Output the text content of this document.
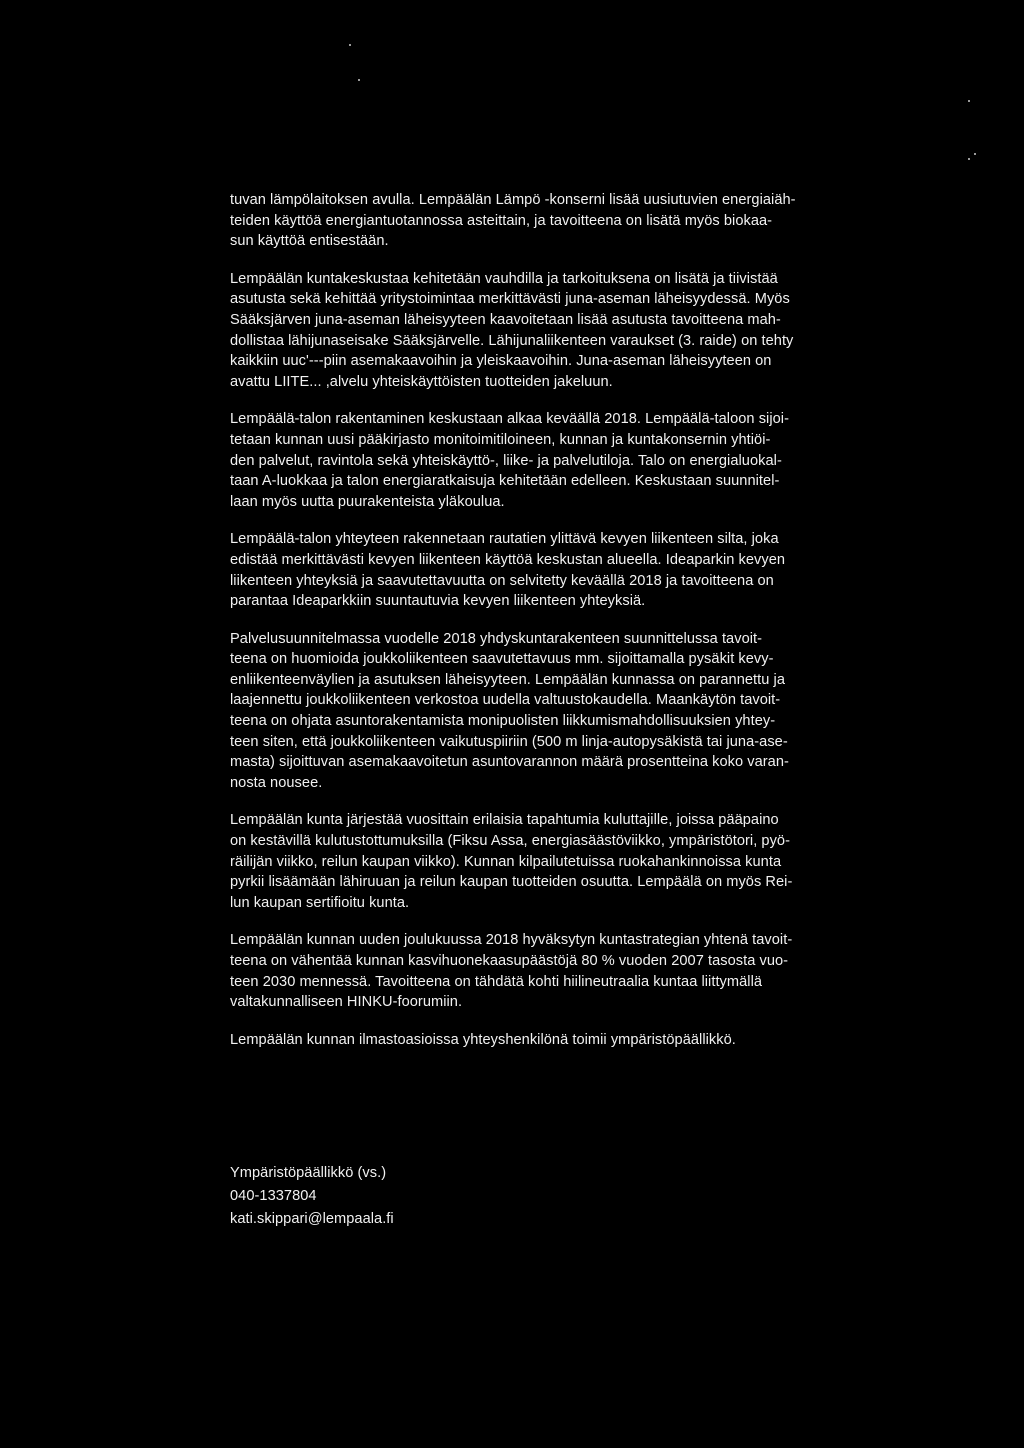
tuvan lämpölaitoksen avulla. Lempäälän Lämpö -konserni lisää uusiutuvien energiaiäh-
teiden käyttöä energiantuotannossa asteittain, ja tavoitteena on lisätä myös biokaa-
sun käyttöä entisestään.
Lempäälän kuntakeskustaa kehitetään vauhdilla ja tarkoituksena on lisätä ja tiivistää
asutusta sekä kehittää yritystoimintaa merkittävästi juna-aseman läheisyydessä. Myös
Sääksjärven juna-aseman läheisyyteen kaavoitetaan lisää asutusta tavoitteena mah-
dollistaa lähijunaseisake Sääksjärvelle. Lähijunaliikenteen varaukset (3. raide) on tehty
kaikkiin uuc'---piin asemakaavoihin ja yleiskaavoihin. Juna-aseman läheisyyteen on
avattu LIITE... ,alvelu yhteiskäyttöisten tuotteiden jakeluun.
Lempäälä-talon rakentaminen keskustaan alkaa keväällä 2018. Lempäälä-taloon sijoi-
tetaan kunnan uusi pääkirjasto monitoimitiloineen, kunnan ja kuntakonsernin yhtiöi-
den palvelut, ravintola sekä yhteiskäyttö-, liike- ja palvelutiloja. Talo on energialuokal-
taan A-luokkaa ja talon energiaratkaisuja kehitetään edelleen. Keskustaan suunnitel-
laan myös uutta puurakenteista yläkoulua.
Lempäälä-talon yhteyteen rakennetaan rautatien ylittävä kevyen liikenteen silta, joka
edistää merkittävästi kevyen liikenteen käyttöä keskustan alueella. Ideaparkin kevyen
liikenteen yhteyksiä ja saavutettavuutta on selvitetty keväällä 2018 ja tavoitteena on
parantaa Ideaparkkiin suuntautuvia kevyen liikenteen yhteyksiä.
Palvelusuunnitelmassa vuodelle 2018 yhdyskuntarakenteen suunnittelussa tavoit-
teena on huomioida joukkoliikenteen saavutettavuus mm. sijoittamalla pysäkit kevy-
enliikenteenväylien ja asutuksen läheisyyteen. Lempäälän kunnassa on parannettu ja
laajennettu joukkoliikenteen verkostoa uudella valtuustokaudella. Maankäytön tavoit-
teena on ohjata asuntorakentamista monipuolisten liikkumismahdollisuuksien yhtey-
teen siten, että joukkoliikenteen vaikutuspiiriin (500 m linja-autopysäkistä tai juna-ase-
masta) sijoittuvan asemakaavoitetun asuntovarannon määrä prosentteina koko varan-
nosta nousee.
Lempäälän kunta järjestää vuosittain erilaisia tapahtumia kuluttajille, joissa pääpaino
on kestävillä kulutustottumuksilla (Fiksu Assa, energiasäästöviikko, ympäristötori, pyö-
räilijän viikko, reilun kaupan viikko). Kunnan kilpailutetuissa ruokahankinnoissa kunta
pyrkii lisäämään lähiruuan ja reilun kaupan tuotteiden osuutta. Lempäälä on myös Rei-
lun kaupan sertifioitu kunta.
Lempäälän kunnan uuden joulukuussa 2018 hyväksytyn kuntastrategian yhtenä tavoit-
teena on vähentää kunnan kasvihuonekaasupäästöjä 80 % vuoden 2007 tasosta vuo-
teen 2030 mennessä. Tavoitteena on tähdätä kohti hiilineutraalia kuntaa liittymällä
valtakunnalliseen HINKU-foorumiin.
Lempäälän kunnan ilmastoasioissa yhteyshenkilönä toimii ympäristöpäällikkö.
Ympäristöpäällikkö (vs.)
040-1337804
kati.skippari@lempaala.fi
